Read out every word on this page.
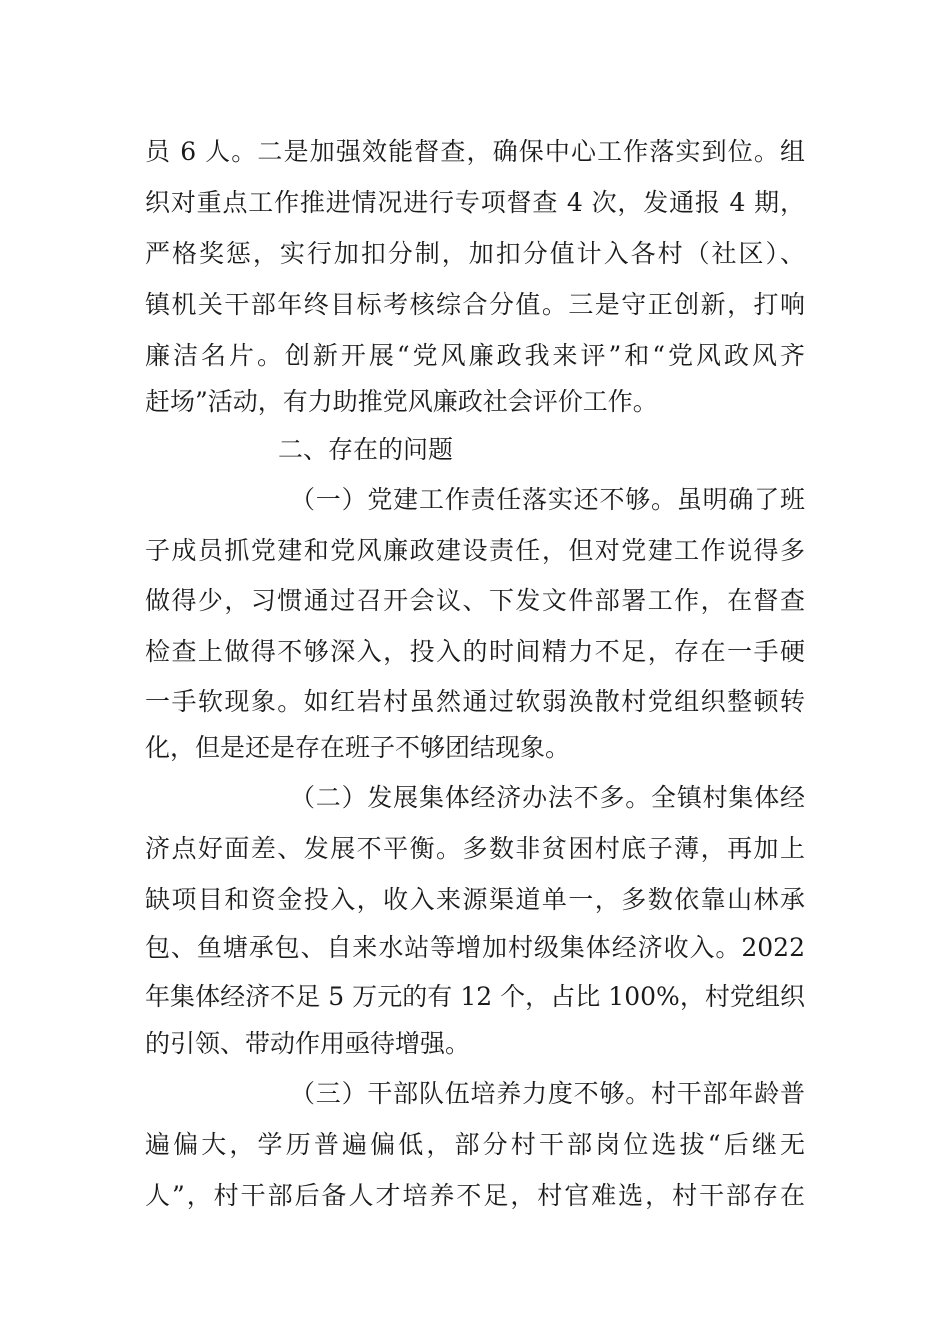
员 6 人。二是加强效能督查，确保中心工作落实到位。组
织对重点工作推进情况进行专项督查 4 次，发通报 4 期，
严格奖惩，实行加扣分制，加扣分值计入各村（社区）、
镇机关干部年终目标考核综合分值。三是守正创新，打响
廉洁名片。创新开展“党风廉政我来评”和“党风政风齐
赶场”活动，有力助推党风廉政社会评价工作。
二、存在的问题
（一）党建工作责任落实还不够。虽明确了班
子成员抓党建和党风廉政建设责任，但对党建工作说得多
做得少，习惯通过召开会议、下发文件部署工作，在督查
检查上做得不够深入，投入的时间精力不足，存在一手硬
一手软现象。如红岩村虽然通过软弱涣散村党组织整顿转
化，但是还是存在班子不够团结现象。
（二）发展集体经济办法不多。全镇村集体经
济点好面差、发展不平衡。多数非贫困村底子薄，再加上
缺项目和资金投入，收入来源渠道单一，多数依靠山林承
包、鱼塘承包、自来水站等增加村级集体经济收入。2022
年集体经济不足 5 万元的有 12 个，占比 100%，村党组织
的引领、带动作用亟待增强。
（三）干部队伍培养力度不够。村干部年龄普
遍偏大，学历普遍偏低，部分村干部岗位选拔“后继无
人”，村干部后备人才培养不足，村官难选，村干部存在
